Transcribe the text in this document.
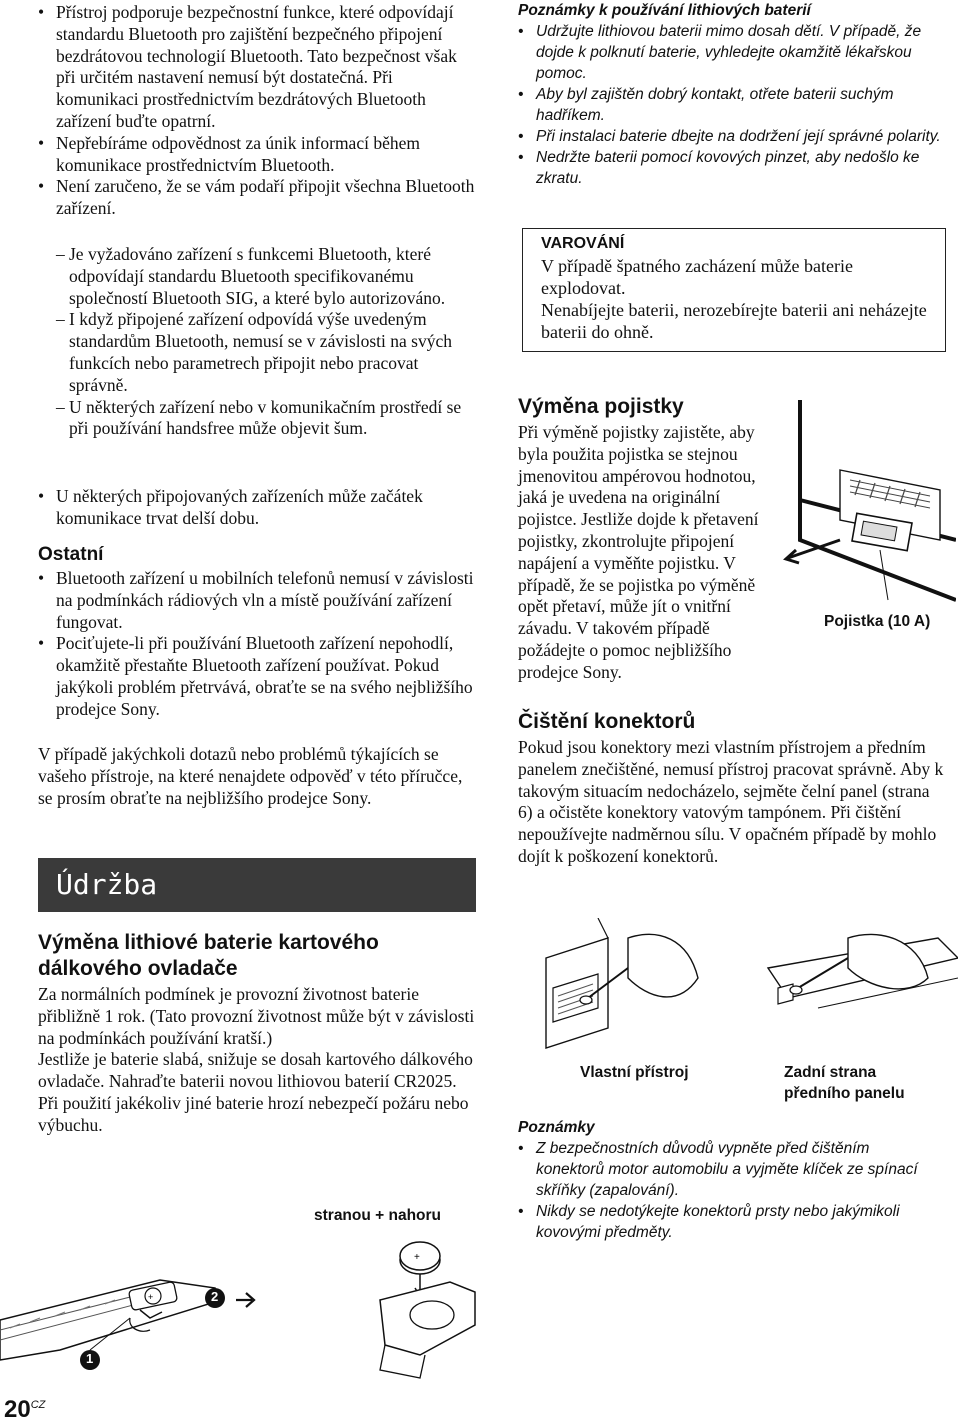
• Přístroj podporuje bezpečnostní funkce, které odpovídají standardu Bluetooth pro zajištění bezpečného připojení bezdrátovou technologií Bluetooth. Tato bezpečnost však při určitém nastavení nemusí být dostatečná. Při komunikaci prostřednictvím bezdrátových Bluetooth zařízení buďte opatrní.
• Nepřebíráme odpovědnost za únik informací během komunikace prostřednictvím Bluetooth.
• Není zaručeno, že se vám podaří připojit všechna Bluetooth zařízení.
– Je vyžadováno zařízení s funkcemi Bluetooth, které odpovídají standardu Bluetooth specifikovanému společností Bluetooth SIG, a které bylo autorizováno.
– I když připojené zařízení odpovídá výše uvedeným standardům Bluetooth, nemusí se v závislosti na svých funkcích nebo parametrech připojit nebo pracovat správně.
– U některých zařízení nebo v komunikačním prostředí se při používání handsfree může objevit šum.
• U některých připojovaných zařízeních může začátek komunikace trvat delší dobu.
Ostatní
• Bluetooth zařízení u mobilních telefonů nemusí v závislosti na podmínkách rádiových vln a místě používání zařízení fungovat.
• Pociťujete-li při používání Bluetooth zařízení nepohodlí, okamžitě přestaňte Bluetooth zařízení používat. Pokud jakýkoli problém přetrvává, obraťte se na svého nejbližšího prodejce Sony.

V případě jakýchkoli dotazů nebo problémů týkajících se vašeho přístroje, na které nenajdete odpověď v této příručce, se prosím obraťte na nejbližšího prodejce Sony.

Údržba
Výměna lithiové baterie kartového dálkového ovladače

Za normálních podmínek je provozní životnost baterie přibližně 1 rok. (Tato provozní životnost může být v závislosti na podmínkách používání kratší.)

Jestliže je baterie slabá, snižuje se dosah kartového dálkového ovladače. Nahraďte baterii novou lithiovou baterií CR2025. Při použití jakékoliv jiné baterie hrozí nebezpečí požáru nebo výbuchu.

stranou + nahoru
+
+
1
2
$20^{CZ}$
Poznámky k používání lithiových baterií
• Udržujte lithiovou baterii mimo dosah dětí. V případě, že dojde k polknutí baterie, vyhledejte okamžitě lékařskou pomoc.
• Aby byl zajištěn dobrý kontakt, otřete baterii suchým hadříkem.
• Při instalaci baterie dbejte na dodržení její správné polarity.
• Nedržte baterii pomocí kovových pinzet, aby nedošlo ke zkratu.
VAROVÁNÍ
V případě špatného zacházení může baterie explodovat.
Nenabíjejte baterii, nerozebírejte baterii ani neházejte baterii do ohně.
Výměna pojistky

Při výměně pojistky zajistěte, aby byla použita pojistka se stejnou jmenovitou ampérovou hodnotou, jaká je uvedena na originální pojistce. Jestliže dojde k přetavení pojistky, zkontrolujte připojení napájení a vyměňte pojistku. V případě, že se pojistka po výměně opět přetaví, může jít o vnitřní závadu. V takovém případě požádejte o pomoc nejbližšího prodejce Sony.

Pojistka (10 A)
Čištění konektorů

Pokud jsou konektory mezi vlastním přístrojem a předním panelem znečištěné, nemusí přístroj pracovat správně. Aby k takovým situacím nedocházelo, sejměte čelní panel (strana 6) a očistěte konektory vatovým tampónem. Při čištění nepoužívejte nadměrnou sílu. V opačném případě by mohlo dojít k poškození konektorů.

Vlastní přístroj	Zadní strana předního panelu
Poznámky
• Z bezpečnostních důvodů vypněte před čištěním konektorů motor automobilu a vyjměte klíček ze spínací skříňky (zapalování).
• Nikdy se nedotýkejte konektorů prsty nebo jakýmikoli kovovými předměty.
